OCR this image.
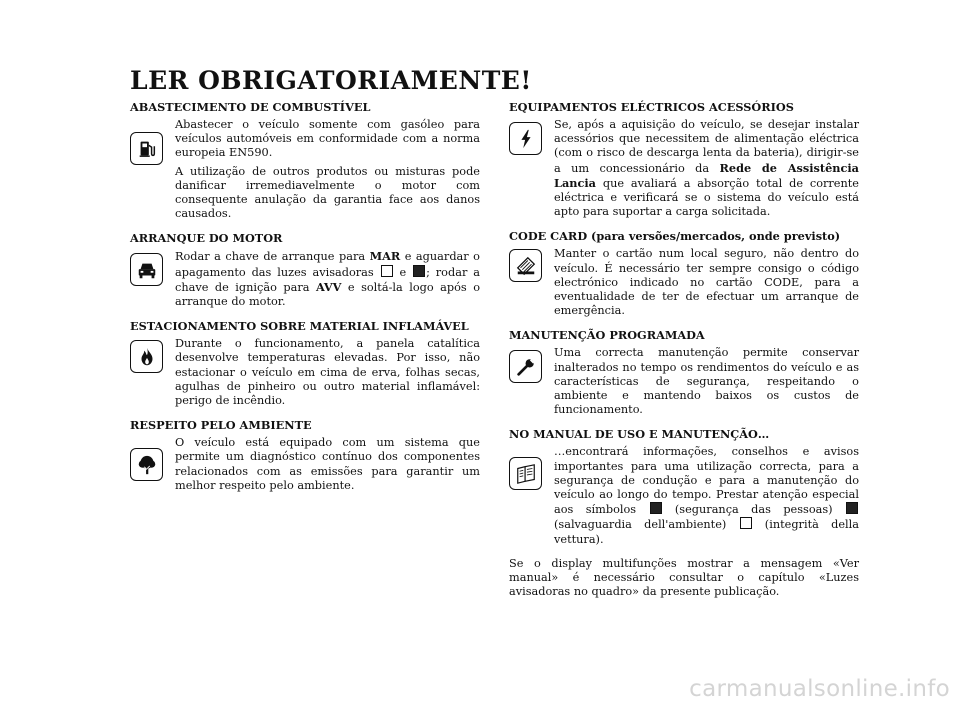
LER OBRIGATORIAMENTE!
ABASTECIMENTO DE COMBUSTÍVEL

Abastecer o veículo somente com gasóleo para veículos automóveis em conformidade com a norma europeia EN590.

A utilização de outros produtos ou misturas pode danificar irremediavelmente o motor com consequente anulação da garantia face aos danos causados.

ARRANQUE DO MOTOR

Rodar a chave de arranque para MAR e aguardar o apagamento das luzes avisadoras  e ; rodar a chave de ignição para AVV e soltá-la logo após o arranque do motor.

ESTACIONAMENTO SOBRE MATERIAL INFLAMÁVEL

Durante o funcionamento, a panela catalítica desenvolve temperaturas elevadas. Por isso, não estacionar o veículo em cima de erva, folhas secas, agulhas de pinheiro ou outro material inflamável: perigo de incêndio.

RESPEITO PELO AMBIENTE

O veículo está equipado com um sistema que permite um diagnóstico contínuo dos componentes relacionados com as emissões para garantir um melhor respeito pelo ambiente.

EQUIPAMENTOS ELÉCTRICOS ACESSÓRIOS

Se, após a aquisição do veículo, se desejar instalar acessórios que necessitem de alimentação eléctrica (com o risco de descarga lenta da bateria), dirigir-se a um concessionário da Rede de Assistência Lancia que avaliará a absorção total de corrente eléctrica e verificará se o sistema do veículo está apto para suportar a carga solicitada.

CODE CARD (para versões/mercados, onde previsto)

Manter o cartão num local seguro, não dentro do veículo. É necessário ter sempre consigo o código electrónico indicado no cartão CODE, para a eventualidade de ter de efectuar um arranque de emergência.

MANUTENÇÃO PROGRAMADA

Uma correcta manutenção permite conservar inalterados no tempo os rendimentos do veículo e as características de segurança, respeitando o ambiente e mantendo baixos os custos de funcionamento.

NO MANUAL DE USO E MANUTENÇÃO…

…encontrará informações, conselhos e avisos importantes para uma utilização correcta, para a segurança de condução e para a manutenção do veículo ao longo do tempo. Prestar atenção especial aos símbolos  (segurança das pessoas)  (salvaguardia dell'ambiente)  (integrità della vettura).

Se o display multifunções mostrar a mensagem «Ver manual» é necessário consultar o capítulo «Luzes avisadoras no quadro» da presente publicação.

carmanualsonline.info
